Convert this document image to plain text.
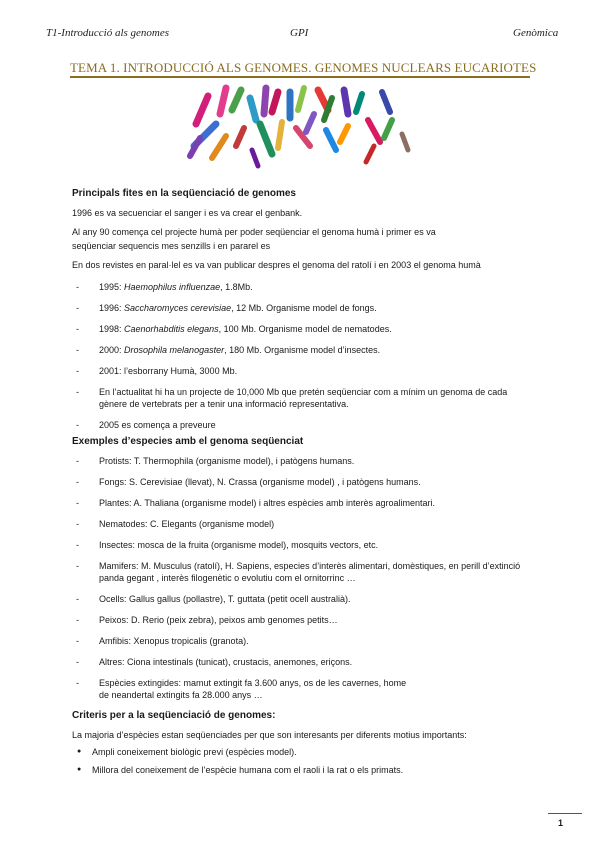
T1-Introducció als genomes	GPI	Genòmica
TEMA 1. INTRODUCCIÓ ALS GENOMES. GENOMES NUCLEARS EUCARIOTES
Principals fites en la seqüenciació de genomes
1996 es va secuenciar el sanger i es va crear el genbank.
Al any 90 comença cel projecte humà per poder seqüenciar el genoma humà i primer es va
seqüenciar sequencis mes senzills i en pararel es
En dos revistes en paral·lel es va van publicar despres el genoma del ratolí i en 2003 el genoma humà
- 1995: Haemophilus influenzae, 1.8Mb.
- 1996: Saccharomyces cerevisiae, 12 Mb. Organisme model de fongs.
- 1998: Caenorhabditis elegans, 100 Mb. Organisme model de nematodes.
- 2000: Drosophila melanogaster, 180 Mb. Organisme model d’insectes.
- 2001: l’esborrany Humà, 3000 Mb.
- En l’actualitat hi ha un projecte de 10,000 Mb que pretén seqüenciar com a mínim un genoma de cada gènere de vertebrats per a tenir una informació representativa.
- 2005 es comença a preveure
Exemples d’especies amb el genoma seqüenciat
- Protists: T. Thermophila (organisme model), i patògens humans.
- Fongs: S. Cerevisiae (llevat), N. Crassa (organisme model) , i patògens humans.
- Plantes: A. Thaliana (organisme model) i altres espècies amb interès agroalimentari.
- Nematodes: C. Elegants (organisme model)
- Insectes: mosca de la fruita (organisme model), mosquits vectors, etc.
- Mamifers: M. Musculus (ratolí), H. Sapiens, especies d’interès alimentari, domèstiques, en perill d’extinció panda gegant , interès filogenètic o evolutiu com el ornitorrinc …
- Ocells: Gallus gallus (pollastre), T. guttata (petit ocell australià).
- Peixos: D. Rerio (peix zebra), peixos amb genomes petits…
- Amfibis: Xenopus tropicalis (granota).
- Altres: Ciona intestinals (tunicat), crustacis, anemones, eriçons.
- Espècies extingides: mamut extingit fa 3.600 anys, os de les cavernes, home de neandertal extingits fa 28.000 anys …
Criteris per a la seqüenciació de genomes:
La majoria d’espècies estan seqüenciades per que son interesants per diferents motius importants:
● Ampli coneixement biològic previ (espècies model).
● Millora del coneixement de l’espècie humana com el raoli i la rat o els primats.
1
